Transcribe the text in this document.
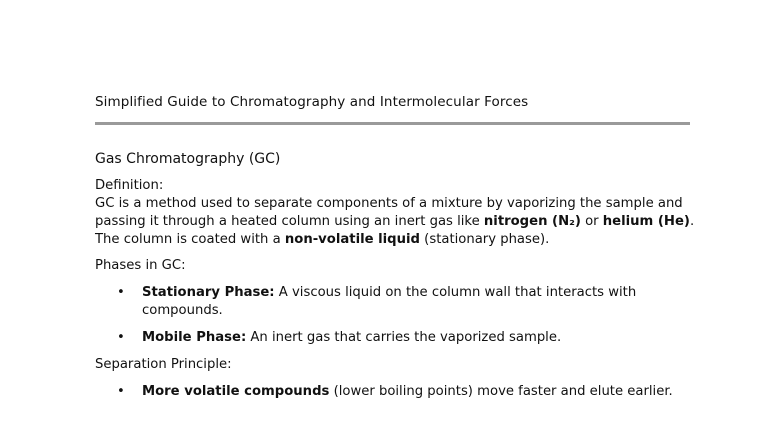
Simplified Guide to Chromatography and Intermolecular Forces
Gas Chromatography (GC)
Definition:
GC is a method used to separate components of a mixture by vaporizing the sample and passing it through a heated column using an inert gas like nitrogen (N₂) or helium (He). The column is coated with a non-volatile liquid (stationary phase).
Phases in GC:
• Stationary Phase: A viscous liquid on the column wall that interacts with compounds.
• Mobile Phase: An inert gas that carries the vaporized sample.
Separation Principle:
• More volatile compounds (lower boiling points) move faster and elute earlier.
